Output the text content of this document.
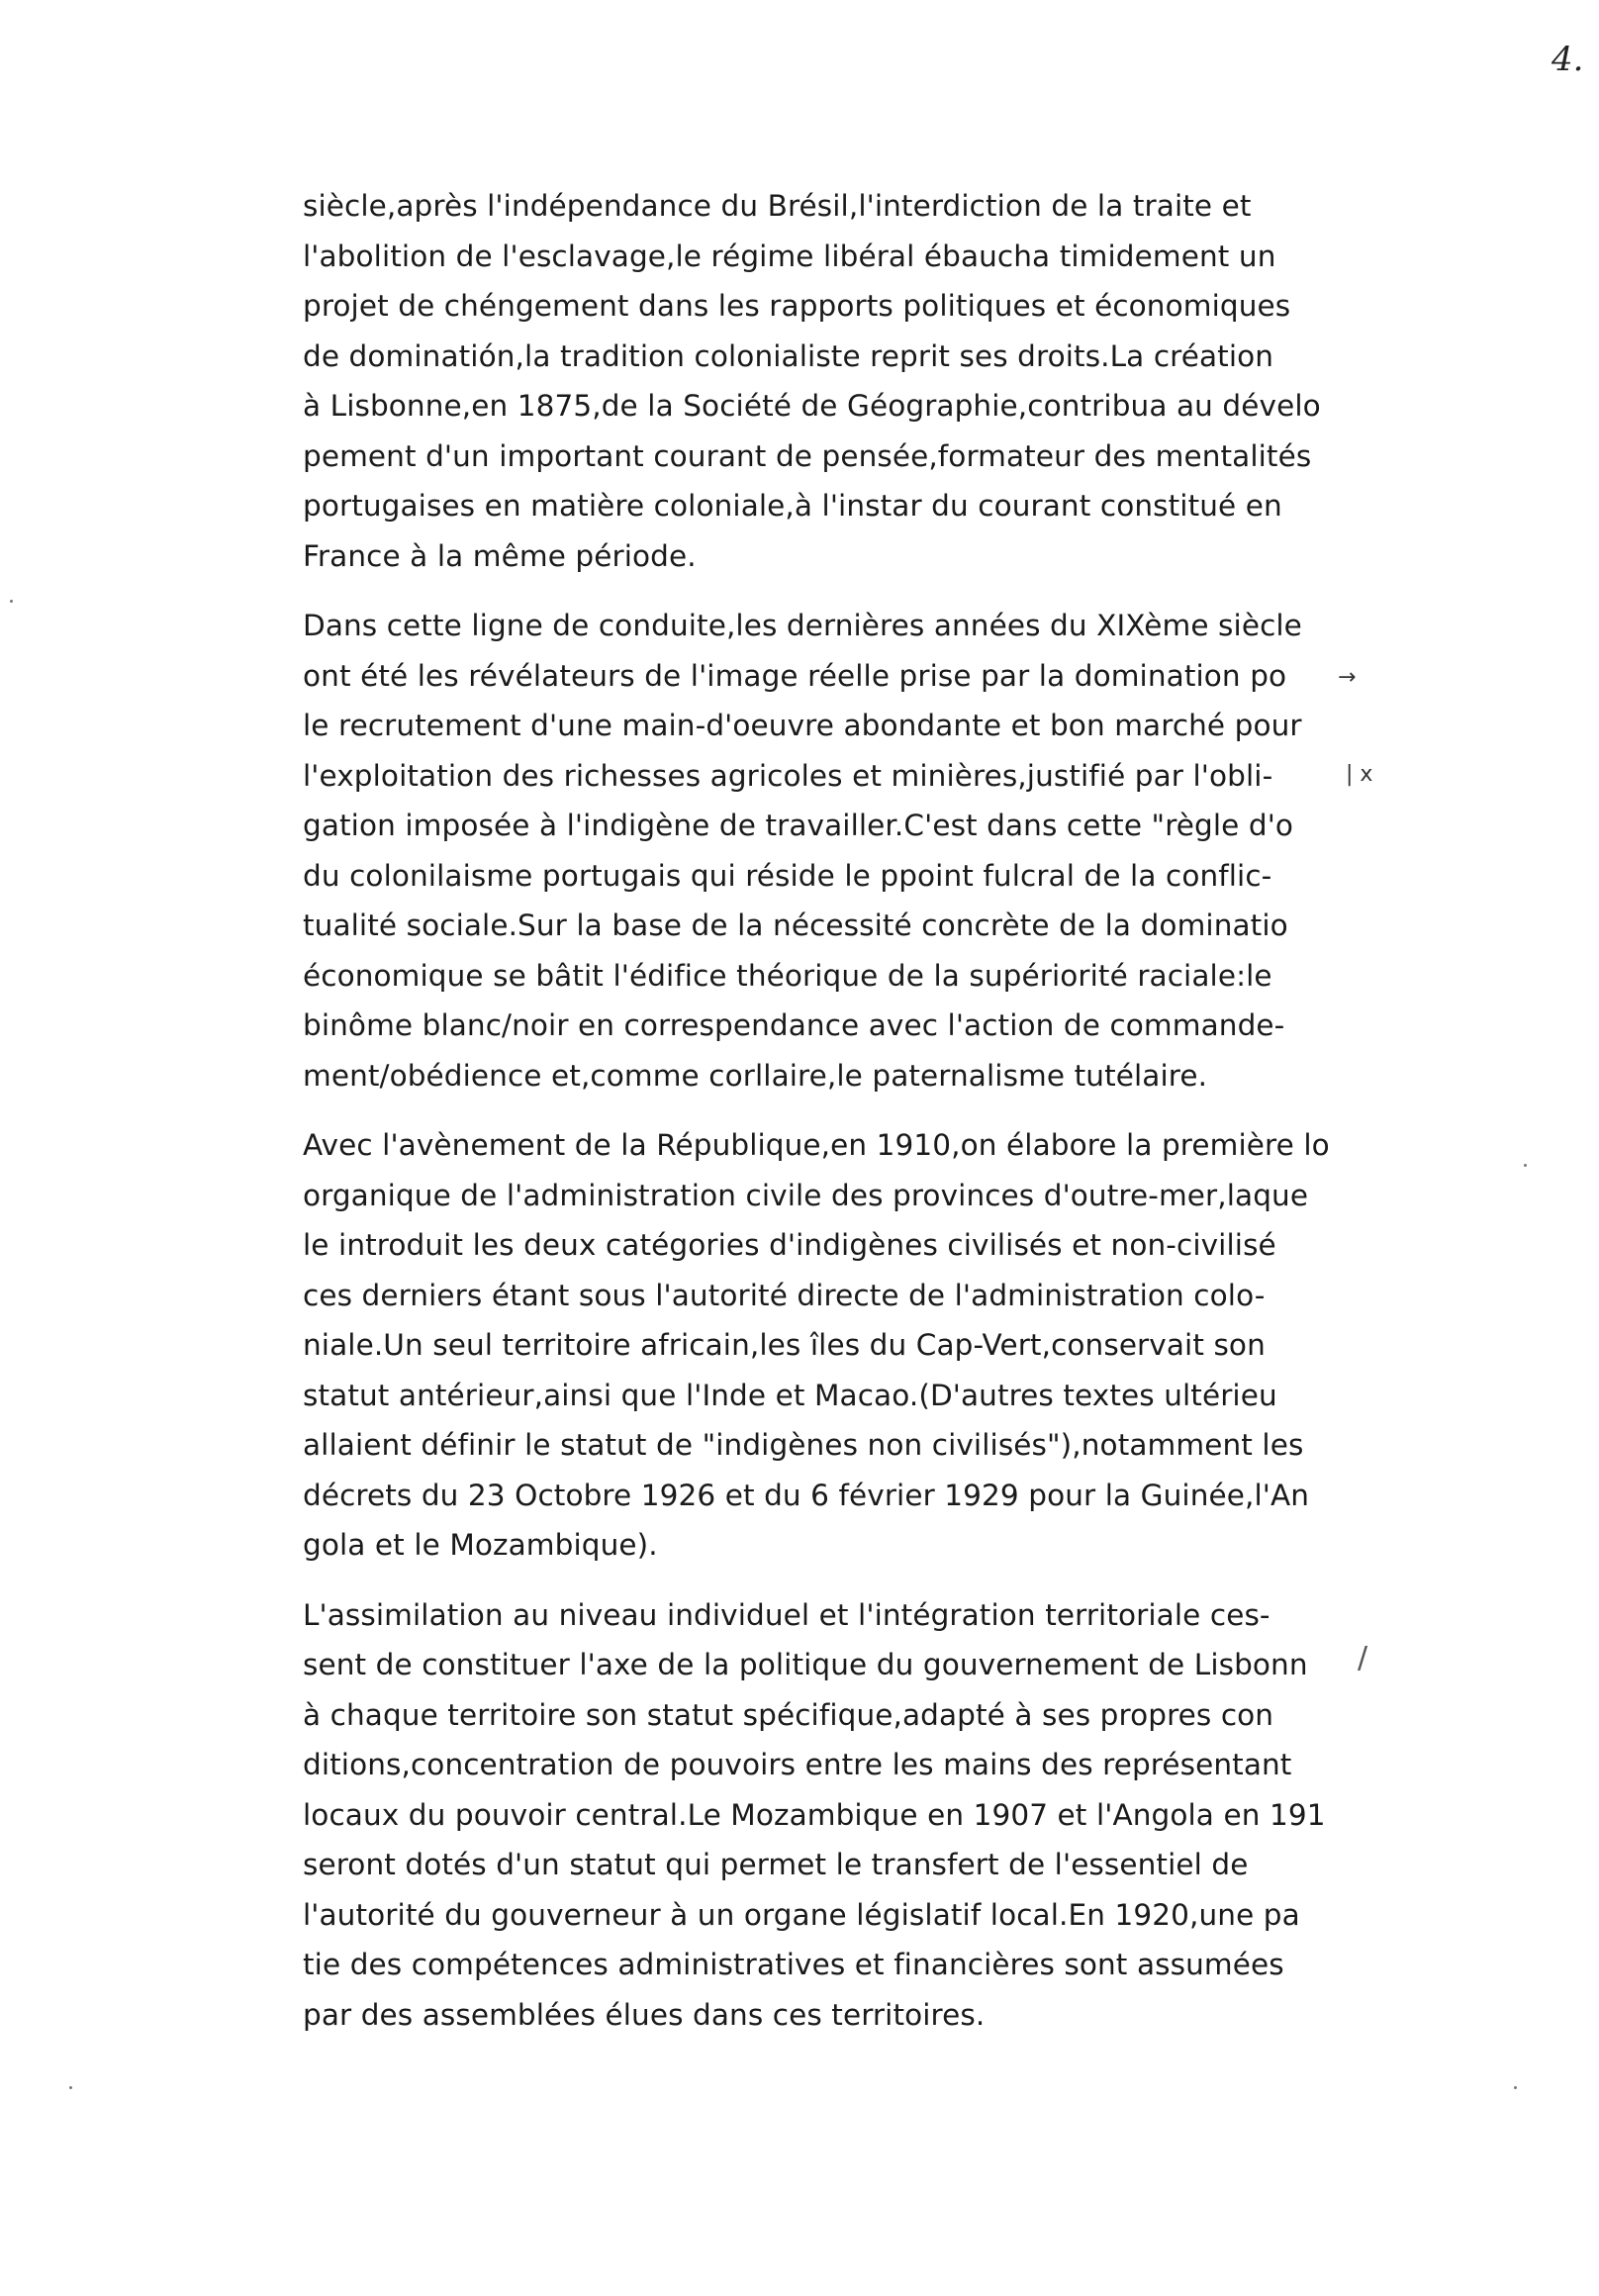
4.
→
| x
/
siècle,après l'indépendance du Brésil,l'interdiction de la traite et
l'abolition de l'esclavage,le régime libéral ébaucha timidement un
projet de chéngement dans les rapports politiques et économiques
de dominatión,la tradition colonialiste reprit ses droits.La création
à Lisbonne,en 1875,de la Société de Géographie,contribua au dévelo
pement d'un important courant de pensée,formateur des mentalités
portugaises en matière coloniale,à l'instar du courant constitué en
France à la même période.
Dans cette ligne de conduite,les dernières années du XIXème siècle
ont été les révélateurs de l'image réelle prise par la domination po
le recrutement d'une main-d'oeuvre abondante et bon marché pour
l'exploitation des richesses agricoles et minières,justifié par l'obli-
gation imposée à l'indigène de travailler.C'est dans cette "règle d'o
du colonilaisme portugais qui réside le ppoint fulcral de la conflic-
tualité sociale.Sur la base de la nécessité concrète de la dominatio
économique se bâtit l'édifice théorique de la supériorité raciale:le
binôme blanc/noir en correspendance avec l'action de commande-
ment/obédience et,comme corllaire,le paternalisme tutélaire.
Avec l'avènement de la République,en 1910,on élabore la première lo
organique de l'administration civile des provinces d'outre-mer,laque
le introduit les deux catégories d'indigènes civilisés et non-civilisé
ces derniers étant sous l'autorité directe de l'administration colo-
niale.Un seul territoire africain,les îles du Cap-Vert,conservait son
statut antérieur,ainsi que l'Inde et Macao.(D'autres textes ultérieu
allaient définir le statut de "indigènes non civilisés"),notamment les
décrets du 23 Octobre 1926 et du 6 février 1929 pour la Guinée,l'An
gola et le Mozambique).
L'assimilation au niveau individuel et l'intégration territoriale ces-
sent de constituer l'axe de la politique du gouvernement de Lisbonn
à chaque territoire son statut spécifique,adapté à ses propres con
ditions,concentration de pouvoirs entre les mains des représentant
locaux du pouvoir central.Le Mozambique en 1907 et l'Angola en 191
seront dotés d'un statut qui permet le transfert de l'essentiel de
l'autorité du gouverneur à un organe législatif local.En 1920,une pa
tie des compétences administratives et financières sont assumées
par des assemblées élues dans ces territoires.
